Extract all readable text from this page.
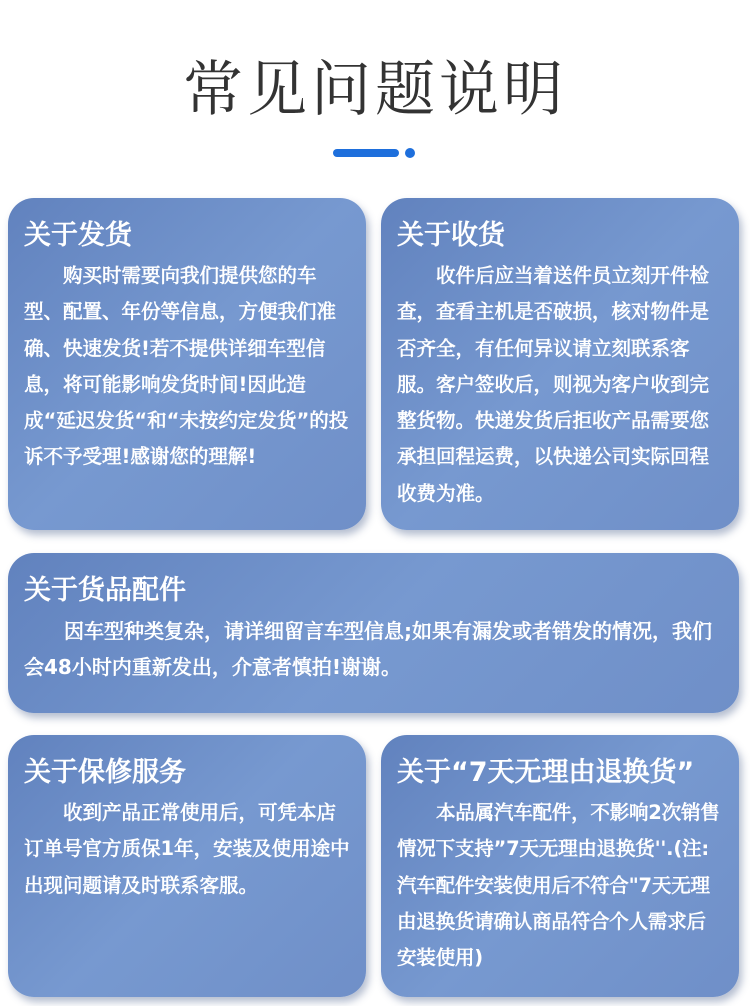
常见问题说明
关于发货

购买时需要向我们提供您的车型、配置、年份等信息，方便我们准确、快速发货!若不提供详细车型信息，将可能影响发货时间!因此造成“延迟发货“和“未按约定发货”的投诉不予受理!感谢您的理解!

关于收货

收件后应当着送件员立刻开件检查，查看主机是否破损，核对物件是否齐全，有任何异议请立刻联系客服。客户签收后，则视为客户收到完整货物。快递发货后拒收产品需要您承担回程运费，以快递公司实际回程收费为准。

关于货品配件

因车型种类复杂，请详细留言车型信息;如果有漏发或者错发的情况，我们会48小时内重新发出，介意者慎拍!谢谢。

关于保修服务

收到产品正常使用后，可凭本店订单号官方质保1年，安装及使用途中出现问题请及时联系客服。

关于“7天无理由退换货”

本品属汽车配件，不影响2次销售情况下支持”7天无理由退换货''.(注:汽车配件安装使用后不符合"7天无理由退换货请确认商品符合个人需求后安装使用)
